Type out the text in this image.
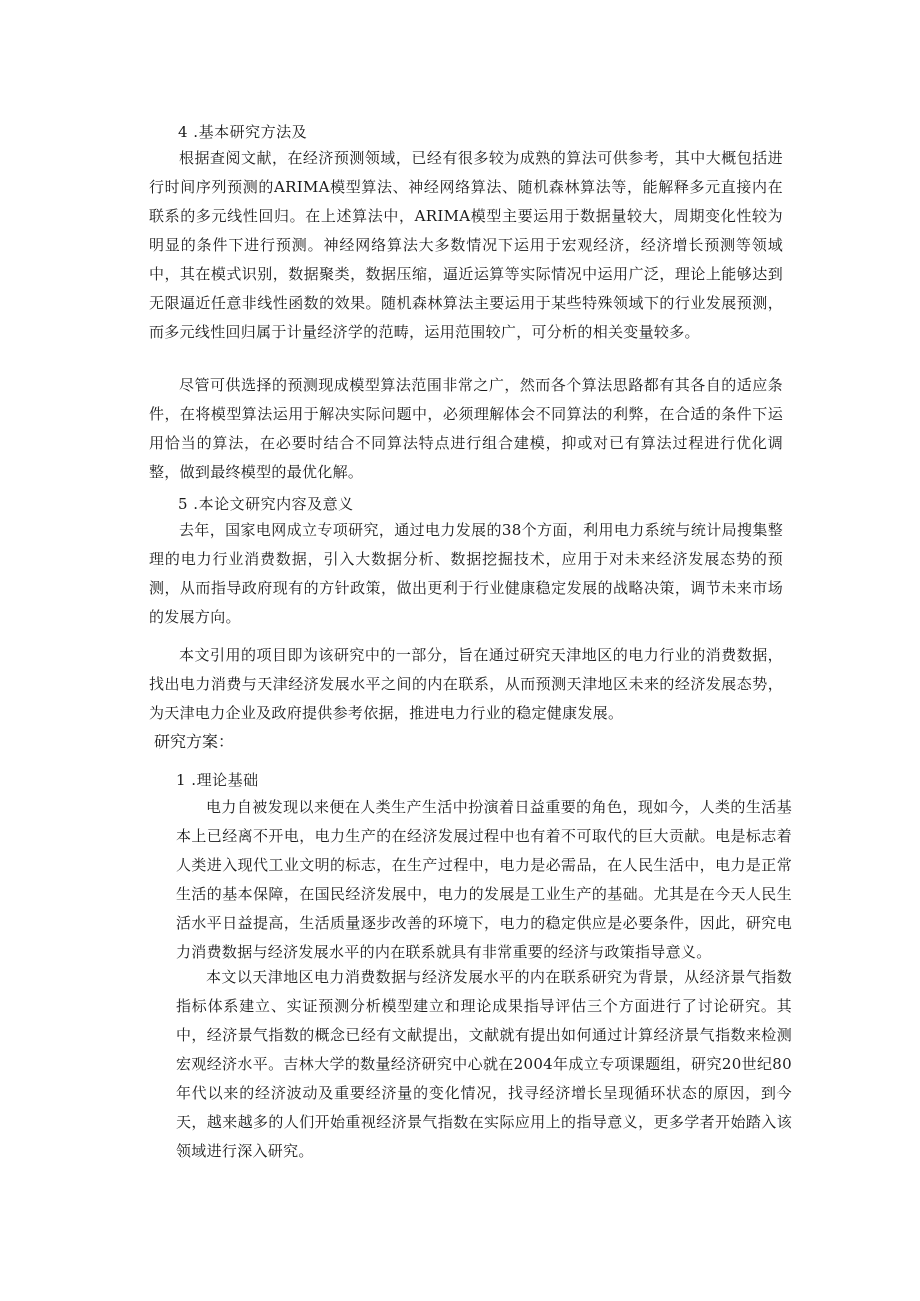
4 .基本研究方法及

根据查阅文献，在经济预测领域，已经有很多较为成熟的算法可供参考，其中大概包括进行时间序列预测的ARIMA模型算法、神经网络算法、随机森林算法等，能解释多元直接内在联系的多元线性回归。在上述算法中，ARIMA模型主要运用于数据量较大，周期变化性较为明显的条件下进行预测。神经网络算法大多数情况下运用于宏观经济，经济增长预测等领域中，其在模式识别，数据聚类，数据压缩，逼近运算等实际情况中运用广泛，理论上能够达到无限逼近任意非线性函数的效果。随机森林算法主要运用于某些特殊领域下的行业发展预测，而多元线性回归属于计量经济学的范畴，运用范围较广，可分析的相关变量较多。

尽管可供选择的预测现成模型算法范围非常之广，然而各个算法思路都有其各自的适应条件，在将模型算法运用于解决实际问题中，必须理解体会不同算法的利弊，在合适的条件下运用恰当的算法，在必要时结合不同算法特点进行组合建模，抑或对已有算法过程进行优化调整，做到最终模型的最优化解。

5 .本论文研究内容及意义

去年，国家电网成立专项研究，通过电力发展的38个方面，利用电力系统与统计局搜集整理的电力行业消费数据，引入大数据分析、数据挖掘技术，应用于对未来经济发展态势的预测，从而指导政府现有的方针政策，做出更利于行业健康稳定发展的战略决策，调节未来市场的发展方向。

本文引用的项目即为该研究中的一部分，旨在通过研究天津地区的电力行业的消费数据，找出电力消费与天津经济发展水平之间的内在联系，从而预测天津地区未来的经济发展态势，为天津电力企业及政府提供参考依据，推进电力行业的稳定健康发展。

研究方案：
1 .理论基础

电力自被发现以来便在人类生产生活中扮演着日益重要的角色，现如今，人类的生活基本上已经离不开电，电力生产的在经济发展过程中也有着不可取代的巨大贡献。电是标志着人类进入现代工业文明的标志，在生产过程中，电力是必需品，在人民生活中，电力是正常生活的基本保障，在国民经济发展中，电力的发展是工业生产的基础。尤其是在今天人民生活水平日益提高，生活质量逐步改善的环境下，电力的稳定供应是必要条件，因此，研究电力消费数据与经济发展水平的内在联系就具有非常重要的经济与政策指导意义。

本文以天津地区电力消费数据与经济发展水平的内在联系研究为背景，从经济景气指数指标体系建立、实证预测分析模型建立和理论成果指导评估三个方面进行了讨论研究。其中，经济景气指数的概念已经有文献提出，文献就有提出如何通过计算经济景气指数来检测宏观经济水平。吉林大学的数量经济研究中心就在2004年成立专项课题组，研究20世纪80年代以来的经济波动及重要经济量的变化情况，找寻经济增长呈现循环状态的原因，到今天，越来越多的人们开始重视经济景气指数在实际应用上的指导意义，更多学者开始踏入该领域进行深入研究。
